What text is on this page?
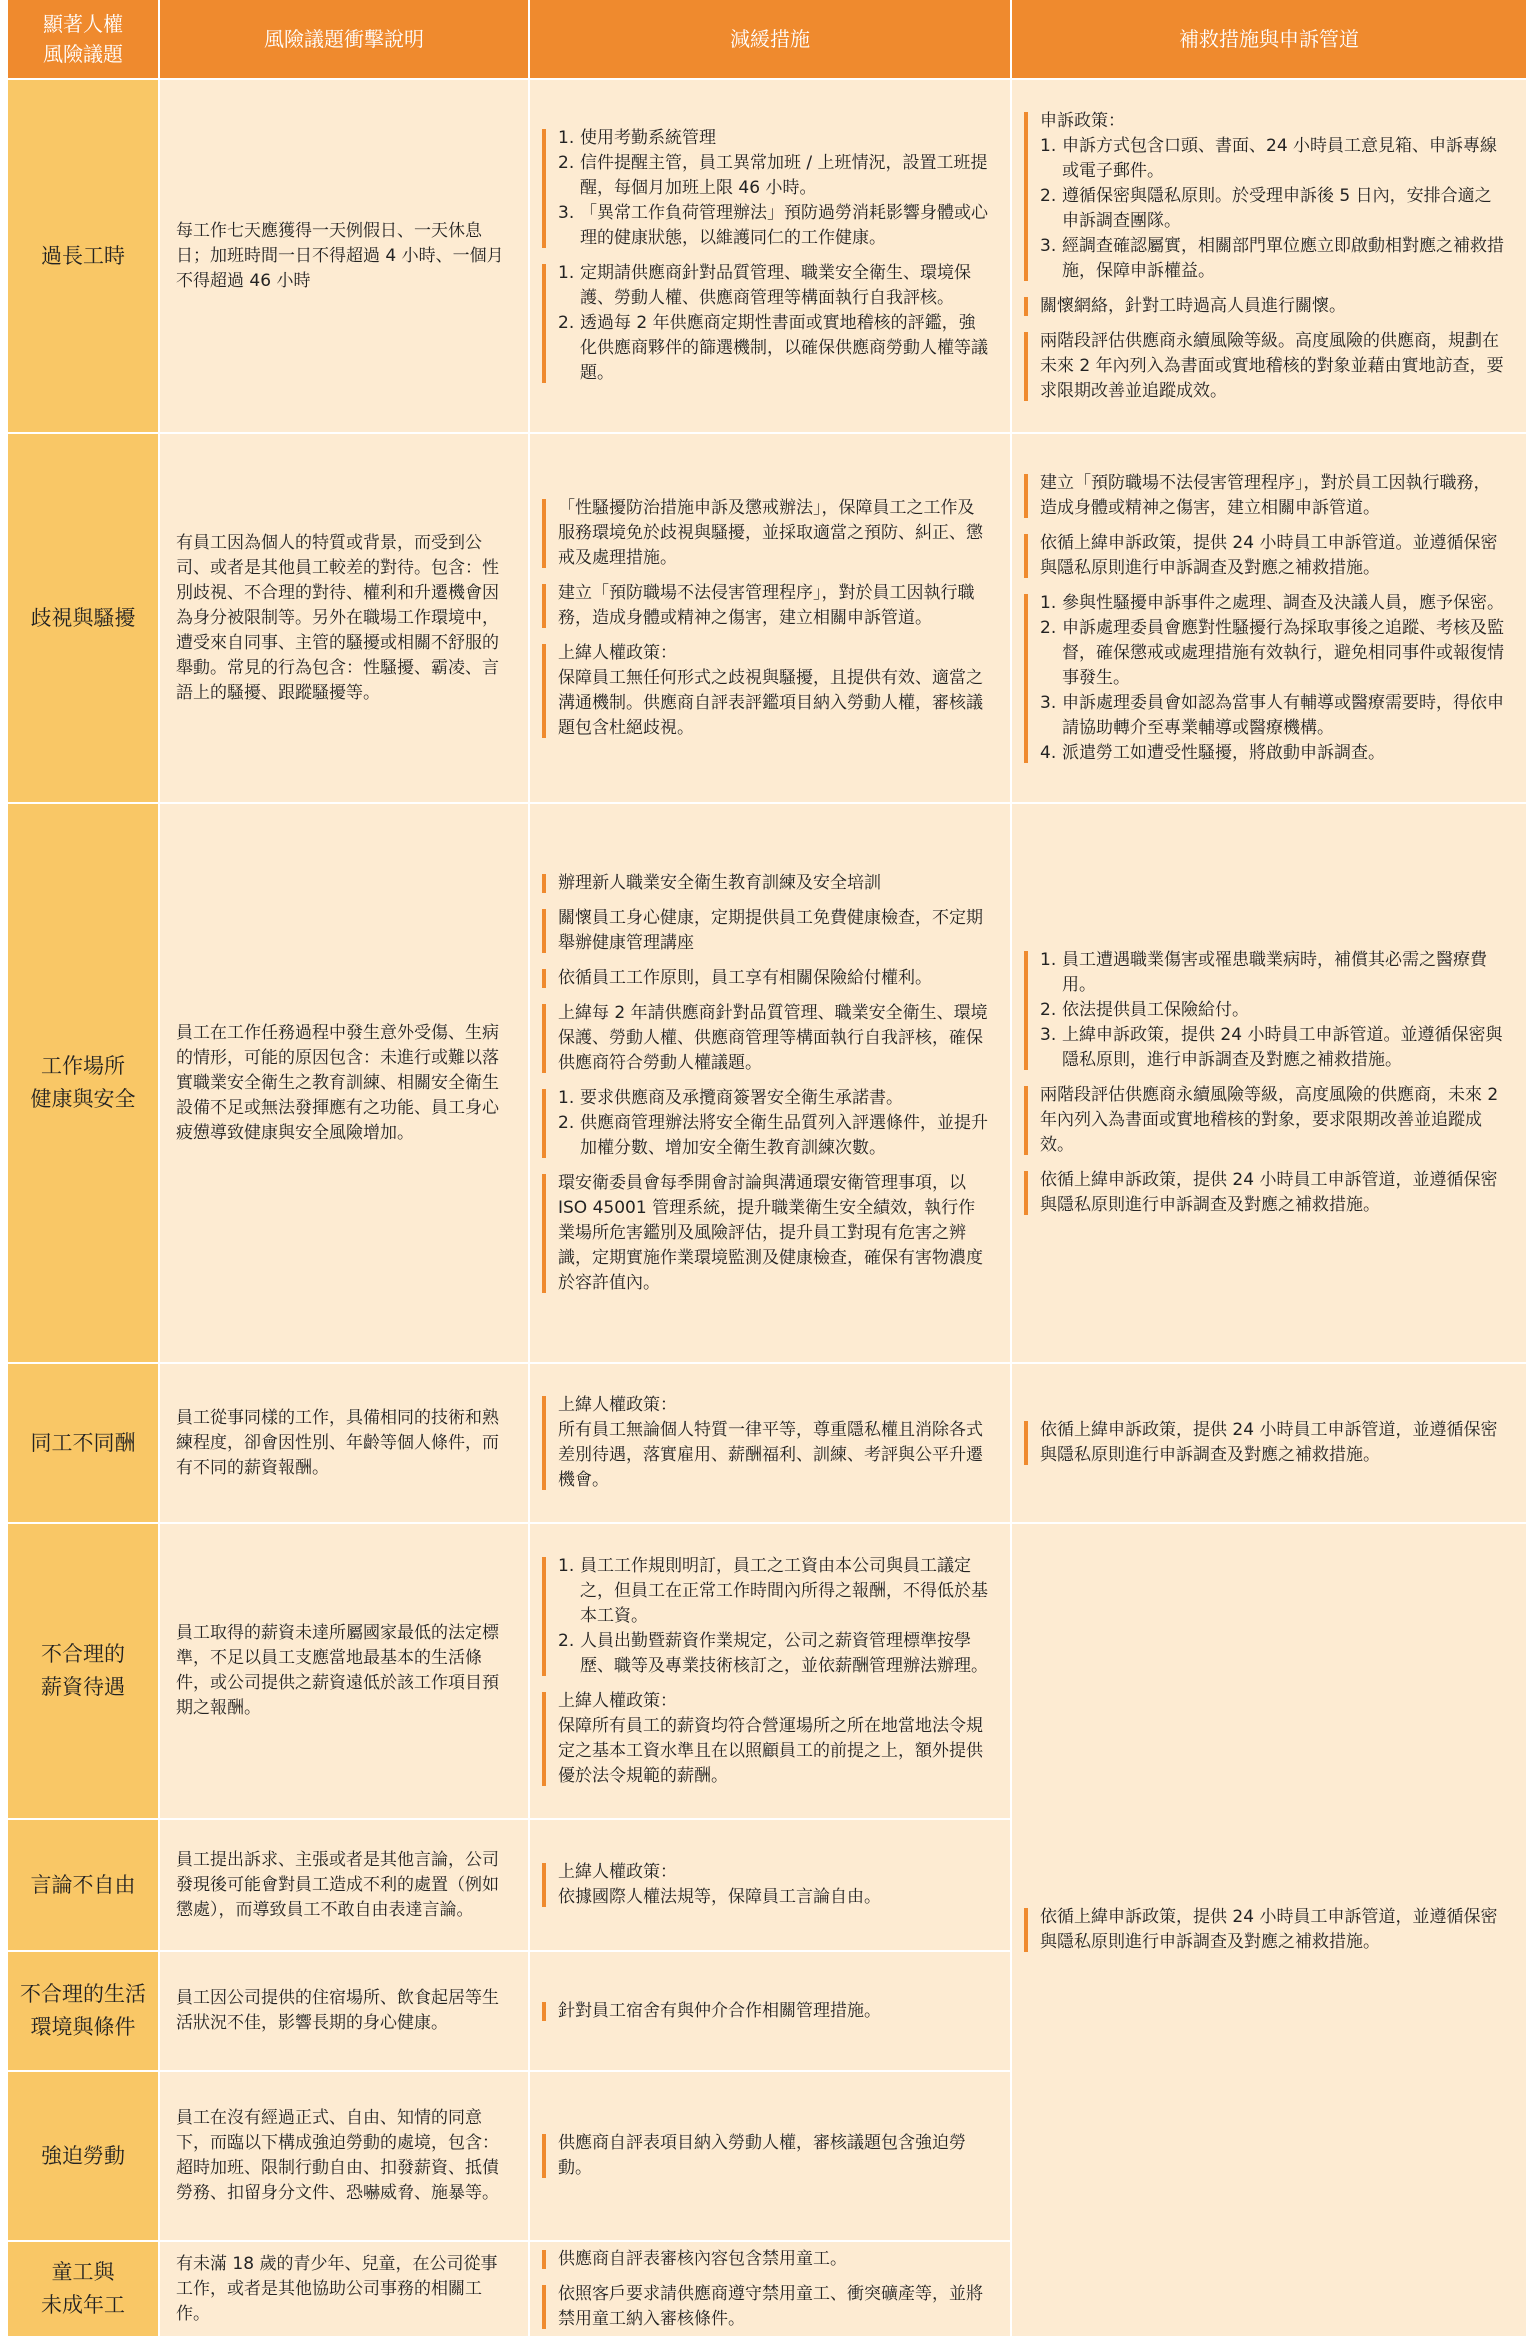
顯著人權
風險議題
風險議題衝擊說明	減緩措施	補救措施與申訴管道
過長工時
每工作七天應獲得一天例假日、一天休息日；加班時間一日不得超過 4 小時、一個月不得超過 46 小時
1. 使用考勤系統管理
2. 信件提醒主管，員工異常加班 / 上班情況，設置工班提醒，每個月加班上限 46 小時。
3. 「異常工作負荷管理辦法」預防過勞消耗影響身體或心理的健康狀態，以維護同仁的工作健康。
1. 定期請供應商針對品質管理、職業安全衛生、環境保護、勞動人權、供應商管理等構面執行自我評核。
2. 透過每 2 年供應商定期性書面或實地稽核的評鑑，強化供應商夥伴的篩選機制，以確保供應商勞動人權等議題。
申訴政策：
1. 申訴方式包含口頭、書面、24 小時員工意見箱、申訴專線或電子郵件。
2. 遵循保密與隱私原則。於受理申訴後 5 日內，安排合適之申訴調查團隊。
3. 經調查確認屬實，相關部門單位應立即啟動相對應之補救措施，保障申訴權益。
關懷網絡，針對工時過高人員進行關懷。
兩階段評估供應商永續風險等級。高度風險的供應商，規劃在未來 2 年內列入為書面或實地稽核的對象並藉由實地訪查，要求限期改善並追蹤成效。
歧視與騷擾
有員工因為個人的特質或背景，而受到公司、或者是其他員工較差的對待。包含：性別歧視、不合理的對待、權利和升遷機會因為身分被限制等。另外在職場工作環境中，遭受來自同事、主管的騷擾或相關不舒服的舉動。常見的行為包含：性騷擾、霸凌、言語上的騷擾、跟蹤騷擾等。
「性騷擾防治措施申訴及懲戒辦法」，保障員工之工作及服務環境免於歧視與騷擾，並採取適當之預防、糾正、懲戒及處理措施。
建立「預防職場不法侵害管理程序」，對於員工因執行職務，造成身體或精神之傷害，建立相關申訴管道。
上緯人權政策：
保障員工無任何形式之歧視與騷擾，且提供有效、適當之溝通機制。供應商自評表評鑑項目納入勞動人權，審核議題包含杜絕歧視。
建立「預防職場不法侵害管理程序」，對於員工因執行職務，造成身體或精神之傷害，建立相關申訴管道。
依循上緯申訴政策，提供 24 小時員工申訴管道。並遵循保密與隱私原則進行申訴調查及對應之補救措施。
1. 參與性騷擾申訴事件之處理、調查及決議人員，應予保密。
2. 申訴處理委員會應對性騷擾行為採取事後之追蹤、考核及監督，確保懲戒或處理措施有效執行，避免相同事件或報復情事發生。
3. 申訴處理委員會如認為當事人有輔導或醫療需要時，得依申請協助轉介至專業輔導或醫療機構。
4. 派遣勞工如遭受性騷擾，將啟動申訴調查。
工作場所
健康與安全
員工在工作任務過程中發生意外受傷、生病的情形，可能的原因包含：未進行或難以落實職業安全衛生之教育訓練、相關安全衛生設備不足或無法發揮應有之功能、員工身心疲憊導致健康與安全風險增加。
辦理新人職業安全衛生教育訓練及安全培訓
關懷員工身心健康，定期提供員工免費健康檢查，不定期舉辦健康管理講座
依循員工工作原則，員工享有相關保險給付權利。
上緯每 2 年請供應商針對品質管理、職業安全衛生、環境保護、勞動人權、供應商管理等構面執行自我評核，確保供應商符合勞動人權議題。
1. 要求供應商及承攬商簽署安全衛生承諾書。
2. 供應商管理辦法將安全衛生品質列入評選條件，並提升加權分數、增加安全衛生教育訓練次數。
環安衛委員會每季開會討論與溝通環安衛管理事項，以 ISO 45001 管理系統，提升職業衛生安全績效，執行作業場所危害鑑別及風險評估，提升員工對現有危害之辨識，定期實施作業環境監測及健康檢查，確保有害物濃度於容許值內。
1. 員工遭遇職業傷害或罹患職業病時，補償其必需之醫療費用。
2. 依法提供員工保險給付。
3. 上緯申訴政策，提供 24 小時員工申訴管道。並遵循保密與隱私原則，進行申訴調查及對應之補救措施。
兩階段評估供應商永續風險等級，高度風險的供應商，未來 2 年內列入為書面或實地稽核的對象，要求限期改善並追蹤成效。
依循上緯申訴政策，提供 24 小時員工申訴管道，並遵循保密與隱私原則進行申訴調查及對應之補救措施。
同工不同酬
員工從事同樣的工作，具備相同的技術和熟練程度，卻會因性別、年齡等個人條件，而有不同的薪資報酬。
上緯人權政策：
所有員工無論個人特質一律平等，尊重隱私權且消除各式差別待遇，落實雇用、薪酬福利、訓練、考評與公平升遷機會。
依循上緯申訴政策，提供 24 小時員工申訴管道，並遵循保密與隱私原則進行申訴調查及對應之補救措施。
不合理的
薪資待遇
員工取得的薪資未達所屬國家最低的法定標準，不足以員工支應當地最基本的生活條件，或公司提供之薪資遠低於該工作項目預期之報酬。
1. 員工工作規則明訂，員工之工資由本公司與員工議定之，但員工在正常工作時間內所得之報酬，不得低於基本工資。
2. 人員出勤暨薪資作業規定，公司之薪資管理標準按學歷、職等及專業技術核訂之，並依薪酬管理辦法辦理。
上緯人權政策：
保障所有員工的薪資均符合營運場所之所在地當地法令規定之基本工資水準且在以照顧員工的前提之上，額外提供優於法令規範的薪酬。
言論不自由
員工提出訴求、主張或者是其他言論，公司發現後可能會對員工造成不利的處置（例如懲處），而導致員工不敢自由表達言論。
上緯人權政策：
依據國際人權法規等，保障員工言論自由。
不合理的生活
環境與條件
員工因公司提供的住宿場所、飲食起居等生活狀況不佳，影響長期的身心健康。
針對員工宿舍有與仲介合作相關管理措施。
強迫勞動
員工在沒有經過正式、自由、知情的同意下，而臨以下構成強迫勞動的處境，包含：超時加班、限制行動自由、扣發薪資、抵債勞務、扣留身分文件、恐嚇威脅、施暴等。
供應商自評表項目納入勞動人權，審核議題包含強迫勞動。
童工與
未成年工
有未滿 18 歲的青少年、兒童，在公司從事工作，或者是其他協助公司事務的相關工作。
供應商自評表審核內容包含禁用童工。
依照客戶要求請供應商遵守禁用童工、衝突礦產等，並將禁用童工納入審核條件。
依循上緯申訴政策，提供 24 小時員工申訴管道，並遵循保密與隱私原則進行申訴調查及對應之補救措施。
